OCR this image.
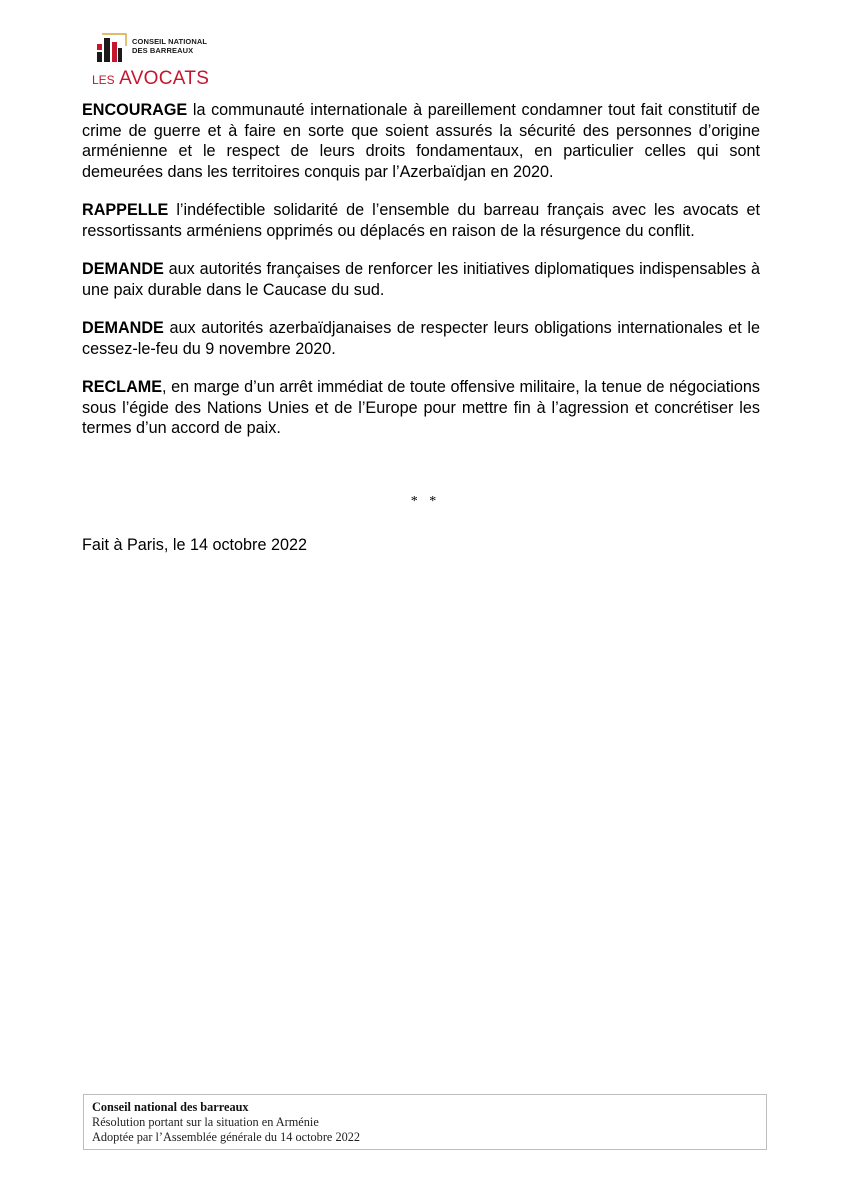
CONSEIL NATIONAL
DES BARREAUX
LES AVOCATS

ENCOURAGE la communauté internationale à pareillement condamner tout fait constitutif de crime de guerre et à faire en sorte que soient assurés la sécurité des personnes d’origine arménienne et le respect de leurs droits fondamentaux, en particulier celles qui sont demeurées dans les territoires conquis par l’Azerbaïdjan en 2020.

RAPPELLE l’indéfectible solidarité de l’ensemble du barreau français avec les avocats et ressortissants arméniens opprimés ou déplacés en raison de la résurgence du conflit.

DEMANDE aux autorités françaises de renforcer les initiatives diplomatiques indispensables à une paix durable dans le Caucase du sud.

DEMANDE aux autorités azerbaïdjanaises de respecter leurs obligations internationales et le cessez-le-feu du 9 novembre 2020.

RECLAME, en marge d’un arrêt immédiat de toute offensive militaire, la tenue de négociations sous l’égide des Nations Unies et de l’Europe pour mettre fin à l’agression et concrétiser les termes d’un accord de paix.

* *
Fait à Paris, le 14 octobre 2022
Conseil national des barreaux
Résolution portant sur la situation en Arménie
Adoptée par l’Assemblée générale du 14 octobre 2022
